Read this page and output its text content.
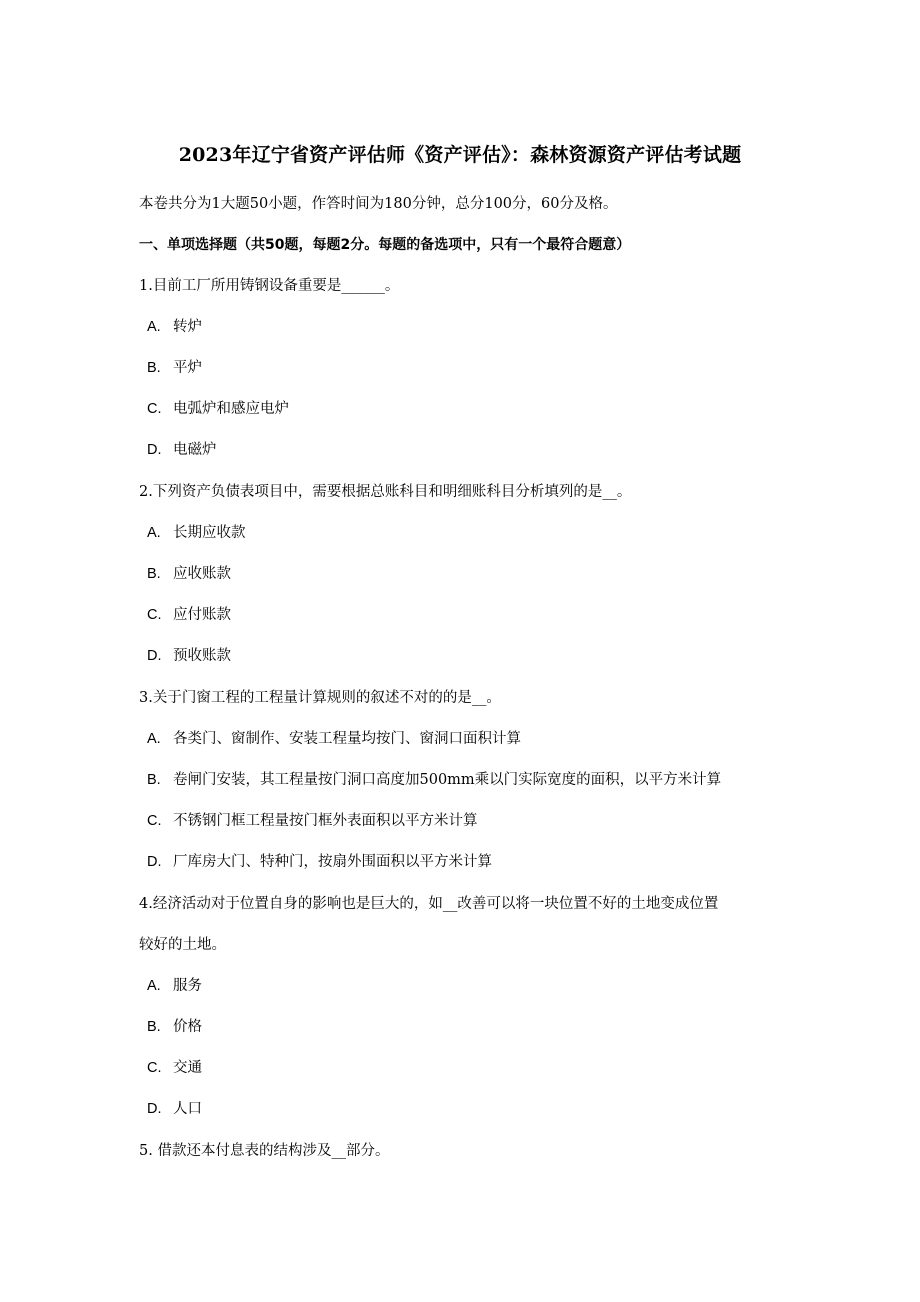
2023年辽宁省资产评估师《资产评估》：森林资源资产评估考试题
本卷共分为1大题50小题，作答时间为180分钟，总分100分，60分及格。
一、单项选择题（共50题，每题2分。每题的备选项中，只有一个最符合题意）
1.目前工厂所用铸钢设备重要是______。
A. 转炉
B. 平炉
C. 电弧炉和感应电炉
D. 电磁炉
2.下列资产负债表项目中，需要根据总账科目和明细账科目分析填列的是__。
A. 长期应收款
B. 应收账款
C. 应付账款
D. 预收账款
3.关于门窗工程的工程量计算规则的叙述不对的的是__。
A. 各类门、窗制作、安装工程量均按门、窗洞口面积计算
B. 卷闸门安装，其工程量按门洞口高度加500mm乘以门实际宽度的面积，以平方米计算
C. 不锈钢门框工程量按门框外表面积以平方米计算
D. 厂库房大门、特种门，按扇外围面积以平方米计算
4.经济活动对于位置自身的影响也是巨大的，如__改善可以将一块位置不好的土地变成位置
较好的土地。
A. 服务
B. 价格
C. 交通
D. 人口
5. 借款还本付息表的结构涉及__部分。
